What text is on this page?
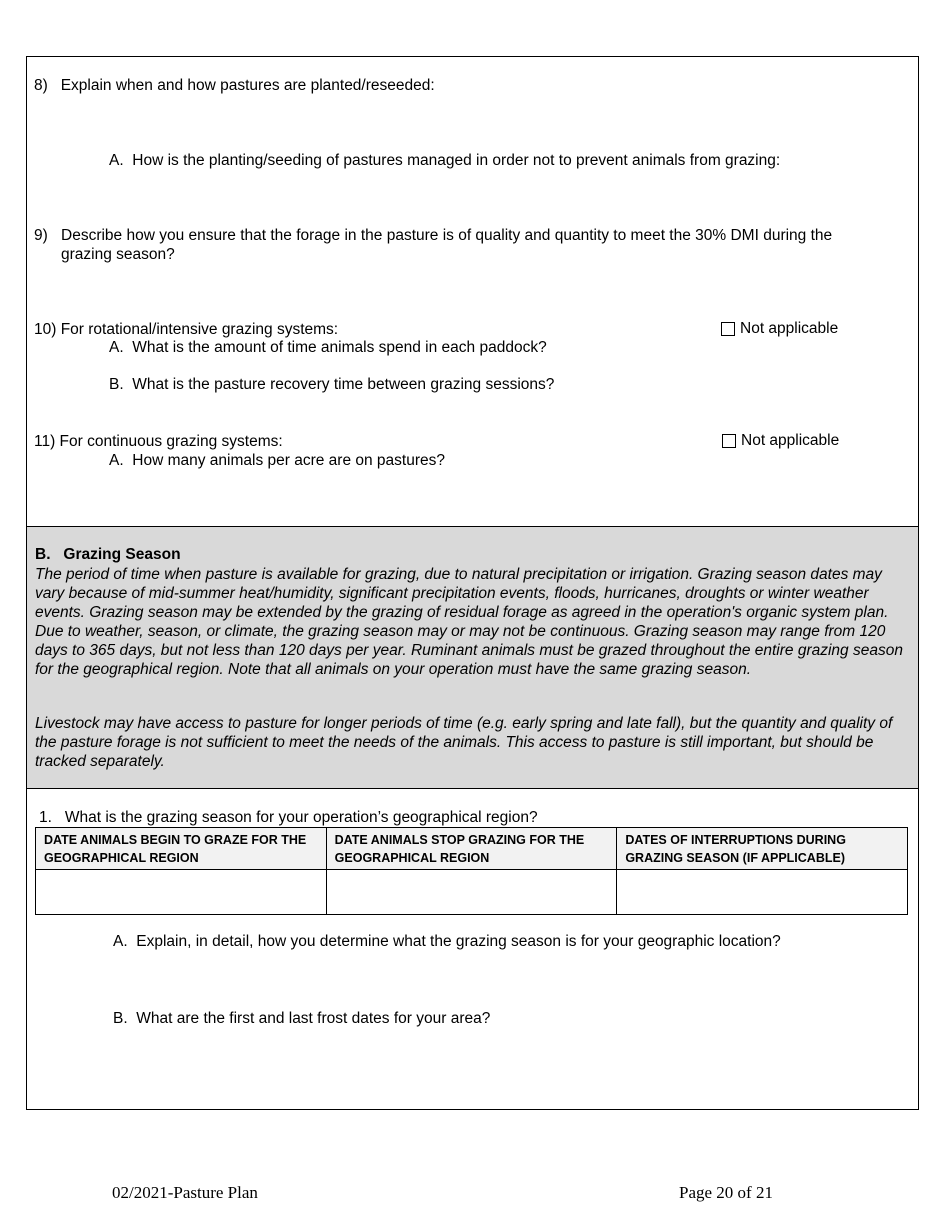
8)   Explain when and how pastures are planted/reseeded:
A.  How is the planting/seeding of pastures managed in order not to prevent animals from grazing:
9) Describe how you ensure that the forage in the pasture is of quality and quantity to meet the 30% DMI during the grazing season?
10) For rotational/intensive grazing systems:	Not applicable
A.  What is the amount of time animals spend in each paddock?
B.  What is the pasture recovery time between grazing sessions?
11) For continuous grazing systems:	Not applicable
A.  How many animals per acre are on pastures?
B.   Grazing Season
The period of time when pasture is available for grazing, due to natural precipitation or irrigation. Grazing season dates may vary because of mid-summer heat/humidity, significant precipitation events, floods, hurricanes, droughts or winter weather events. Grazing season may be extended by the grazing of residual forage as agreed in the operation's organic system plan. Due to weather, season, or climate, the grazing season may or may not be continuous. Grazing season may range from 120 days to 365 days, but not less than 120 days per year. Ruminant animals must be grazed throughout the entire grazing season for the geographical region. Note that all animals on your operation must have the same grazing season.
Livestock may have access to pasture for longer periods of time (e.g. early spring and late fall), but the quantity and quality of the pasture forage is not sufficient to meet the needs of the animals. This access to pasture is still important, but should be tracked separately.
1.   What is the grazing season for your operation’s geographical region?
DATE ANIMALS BEGIN TO GRAZE FOR THE GEOGRAPHICAL REGION	DATE ANIMALS STOP GRAZING FOR THE GEOGRAPHICAL REGION	DATES OF INTERRUPTIONS DURING GRAZING SEASON (IF APPLICABLE)

A.  Explain, in detail, how you determine what the grazing season is for your geographic location?
B.  What are the first and last frost dates for your area?
02/2021-Pasture Plan	Page 20 of 21
